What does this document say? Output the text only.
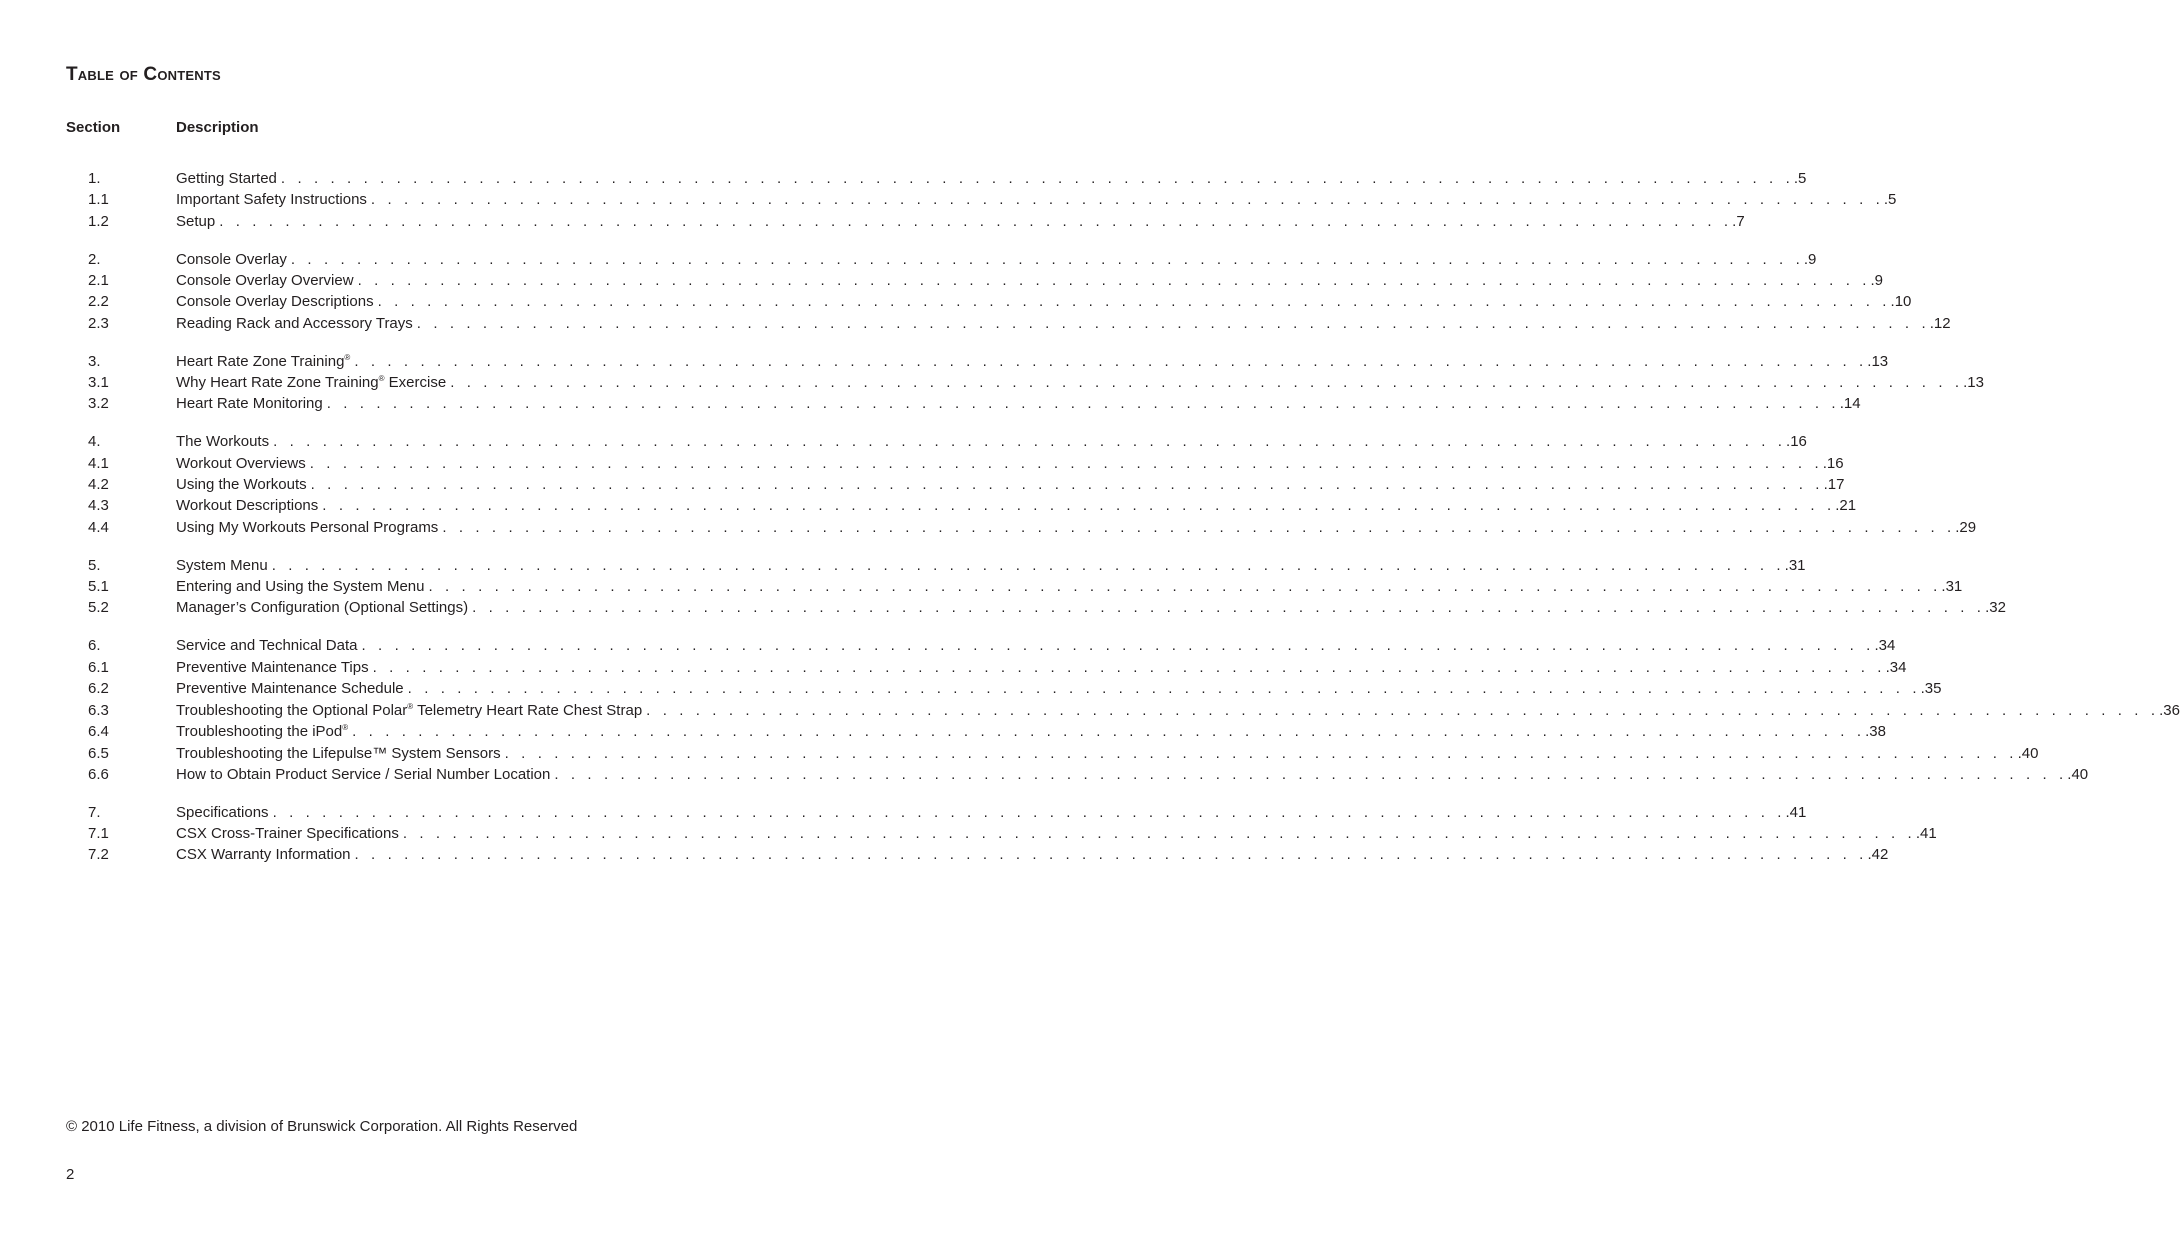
Table of Contents
Section	Description
1.	Getting Started . . . . . . . . . . . . . . . . . . . . . . . . . . . . . . . . . . . . . . . . . . . . . . . . . . . . . . . . . . . . . . . . . . . . . . . . . . . . . . . . . . . . . . . . . . . . .5
1.1	Important Safety Instructions . . . . . . . . . . . . . . . . . . . . . . . . . . . . . . . . . . . . . . . . . . . . . . . . . . . . . . . . . . . . . . . . . . . . . . . . . . . . . . . . . . . . . . . . . . . . .5
1.2	Setup . . . . . . . . . . . . . . . . . . . . . . . . . . . . . . . . . . . . . . . . . . . . . . . . . . . . . . . . . . . . . . . . . . . . . . . . . . . . . . . . . . . . . . . . . . . . .7
2.	Console Overlay . . . . . . . . . . . . . . . . . . . . . . . . . . . . . . . . . . . . . . . . . . . . . . . . . . . . . . . . . . . . . . . . . . . . . . . . . . . . . . . . . . . . . . . . . . . . .9
2.1	Console Overlay Overview . . . . . . . . . . . . . . . . . . . . . . . . . . . . . . . . . . . . . . . . . . . . . . . . . . . . . . . . . . . . . . . . . . . . . . . . . . . . . . . . . . . . . . . . . . . . .9
2.2	Console Overlay Descriptions . . . . . . . . . . . . . . . . . . . . . . . . . . . . . . . . . . . . . . . . . . . . . . . . . . . . . . . . . . . . . . . . . . . . . . . . . . . . . . . . . . . . . . . . . . . . .10
2.3	Reading Rack and Accessory Trays . . . . . . . . . . . . . . . . . . . . . . . . . . . . . . . . . . . . . . . . . . . . . . . . . . . . . . . . . . . . . . . . . . . . . . . . . . . . . . . . . . . . . . . . . . . . .12
3.	Heart Rate Zone Training® . . . . . . . . . . . . . . . . . . . . . . . . . . . . . . . . . . . . . . . . . . . . . . . . . . . . . . . . . . . . . . . . . . . . . . . . . . . . . . . . . . . . . . . . . . . . .13
3.1	Why Heart Rate Zone Training® Exercise . . . . . . . . . . . . . . . . . . . . . . . . . . . . . . . . . . . . . . . . . . . . . . . . . . . . . . . . . . . . . . . . . . . . . . . . . . . . . . . . . . . . . . . . . . . . .13
3.2	Heart Rate Monitoring . . . . . . . . . . . . . . . . . . . . . . . . . . . . . . . . . . . . . . . . . . . . . . . . . . . . . . . . . . . . . . . . . . . . . . . . . . . . . . . . . . . . . . . . . . . . .14
4.	The Workouts . . . . . . . . . . . . . . . . . . . . . . . . . . . . . . . . . . . . . . . . . . . . . . . . . . . . . . . . . . . . . . . . . . . . . . . . . . . . . . . . . . . . . . . . . . . . .16
4.1	Workout Overviews . . . . . . . . . . . . . . . . . . . . . . . . . . . . . . . . . . . . . . . . . . . . . . . . . . . . . . . . . . . . . . . . . . . . . . . . . . . . . . . . . . . . . . . . . . . . .16
4.2	Using the Workouts . . . . . . . . . . . . . . . . . . . . . . . . . . . . . . . . . . . . . . . . . . . . . . . . . . . . . . . . . . . . . . . . . . . . . . . . . . . . . . . . . . . . . . . . . . . . .17
4.3	Workout Descriptions . . . . . . . . . . . . . . . . . . . . . . . . . . . . . . . . . . . . . . . . . . . . . . . . . . . . . . . . . . . . . . . . . . . . . . . . . . . . . . . . . . . . . . . . . . . . .21
4.4	Using My Workouts Personal Programs . . . . . . . . . . . . . . . . . . . . . . . . . . . . . . . . . . . . . . . . . . . . . . . . . . . . . . . . . . . . . . . . . . . . . . . . . . . . . . . . . . . . . . . . . . . . .29
5.	System Menu . . . . . . . . . . . . . . . . . . . . . . . . . . . . . . . . . . . . . . . . . . . . . . . . . . . . . . . . . . . . . . . . . . . . . . . . . . . . . . . . . . . . . . . . . . . . .31
5.1	Entering and Using the System Menu . . . . . . . . . . . . . . . . . . . . . . . . . . . . . . . . . . . . . . . . . . . . . . . . . . . . . . . . . . . . . . . . . . . . . . . . . . . . . . . . . . . . . . . . . . . . .31
5.2	Manager’s Configuration (Optional Settings) . . . . . . . . . . . . . . . . . . . . . . . . . . . . . . . . . . . . . . . . . . . . . . . . . . . . . . . . . . . . . . . . . . . . . . . . . . . . . . . . . . . . . . . . . . . . .32
6.	Service and Technical Data . . . . . . . . . . . . . . . . . . . . . . . . . . . . . . . . . . . . . . . . . . . . . . . . . . . . . . . . . . . . . . . . . . . . . . . . . . . . . . . . . . . . . . . . . . . . .34
6.1	Preventive Maintenance Tips . . . . . . . . . . . . . . . . . . . . . . . . . . . . . . . . . . . . . . . . . . . . . . . . . . . . . . . . . . . . . . . . . . . . . . . . . . . . . . . . . . . . . . . . . . . . .34
6.2	Preventive Maintenance Schedule . . . . . . . . . . . . . . . . . . . . . . . . . . . . . . . . . . . . . . . . . . . . . . . . . . . . . . . . . . . . . . . . . . . . . . . . . . . . . . . . . . . . . . . . . . . . .35
6.3	Troubleshooting the Optional Polar® Telemetry Heart Rate Chest Strap . . . . . . . . . . . . . . . . . . . . . . . . . . . . . . . . . . . . . . . . . . . . . . . . . . . . . . . . . . . . . . . . . . . . . . . . . . . . . . . . . . . . . . . . . . . . .36
6.4	Troubleshooting the iPod® . . . . . . . . . . . . . . . . . . . . . . . . . . . . . . . . . . . . . . . . . . . . . . . . . . . . . . . . . . . . . . . . . . . . . . . . . . . . . . . . . . . . . . . . . . . . .38
6.5	Troubleshooting the Lifepulse™ System Sensors . . . . . . . . . . . . . . . . . . . . . . . . . . . . . . . . . . . . . . . . . . . . . . . . . . . . . . . . . . . . . . . . . . . . . . . . . . . . . . . . . . . . . . . . . . . . .40
6.6	How to Obtain Product Service / Serial Number Location . . . . . . . . . . . . . . . . . . . . . . . . . . . . . . . . . . . . . . . . . . . . . . . . . . . . . . . . . . . . . . . . . . . . . . . . . . . . . . . . . . . . . . . . . . . . .40
7.	Specifications . . . . . . . . . . . . . . . . . . . . . . . . . . . . . . . . . . . . . . . . . . . . . . . . . . . . . . . . . . . . . . . . . . . . . . . . . . . . . . . . . . . . . . . . . . . . .41
7.1	CSX Cross-Trainer Specifications . . . . . . . . . . . . . . . . . . . . . . . . . . . . . . . . . . . . . . . . . . . . . . . . . . . . . . . . . . . . . . . . . . . . . . . . . . . . . . . . . . . . . . . . . . . . .41
7.2	CSX Warranty Information . . . . . . . . . . . . . . . . . . . . . . . . . . . . . . . . . . . . . . . . . . . . . . . . . . . . . . . . . . . . . . . . . . . . . . . . . . . . . . . . . . . . . . . . . . . . .42
© 2010 Life Fitness, a division of Brunswick Corporation. All Rights Reserved
2
